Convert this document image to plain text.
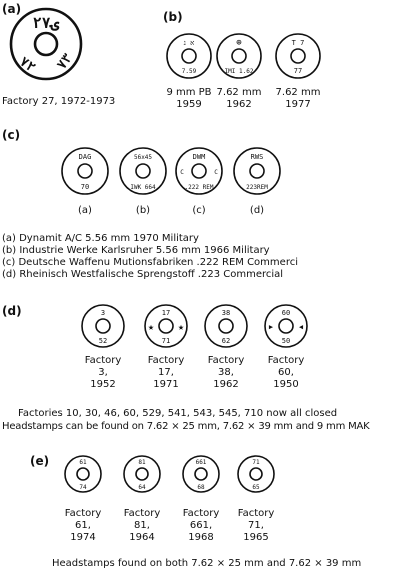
(a)
ۍ٢٧
٧٢ ٧٣
Factory 27, 1972-1973
(b)
א נ
7.59
9 mm PB
1959
⊕
IMI 1.62
7.62 mm
1962
T 7
77
7.62 mm
1977
(c)
DAG
70
(a)
56x45
IWK 664
(b)
DWM
C	C
.222 REM
(c)
RWS
223REM
(d)
(a) Dynamit A/C 5.56 mm 1970 Military
(b) Industrie Werke Karlsruher 5.56 mm 1966 Military
(c) Deutsche Waffenu Mutionsfabriken .222 REM Commerci
(d) Rheinisch Westfalische Sprengstoff .223 Commercial
(d)	3
52
Factory
3,
1952
17
★ ★
71
Factory
17,
1971
38
62
Factory
38,
1962
60
▶	◀
50
Factory
60,
1950
Factories 10, 30, 46, 60, 529, 541, 543, 545, 710 now all closed
Headstamps can be found on 7.62 × 25 mm, 7.62 × 39 mm and 9 mm MAK
(e)	61
74
Factory
61,
1974
81
64
Factory
81,
1964
661
68
Factory
661,
1968
71
65
Factory
71,
1965
Headstamps found on both 7.62 × 25 mm and 7.62 × 39 mm
